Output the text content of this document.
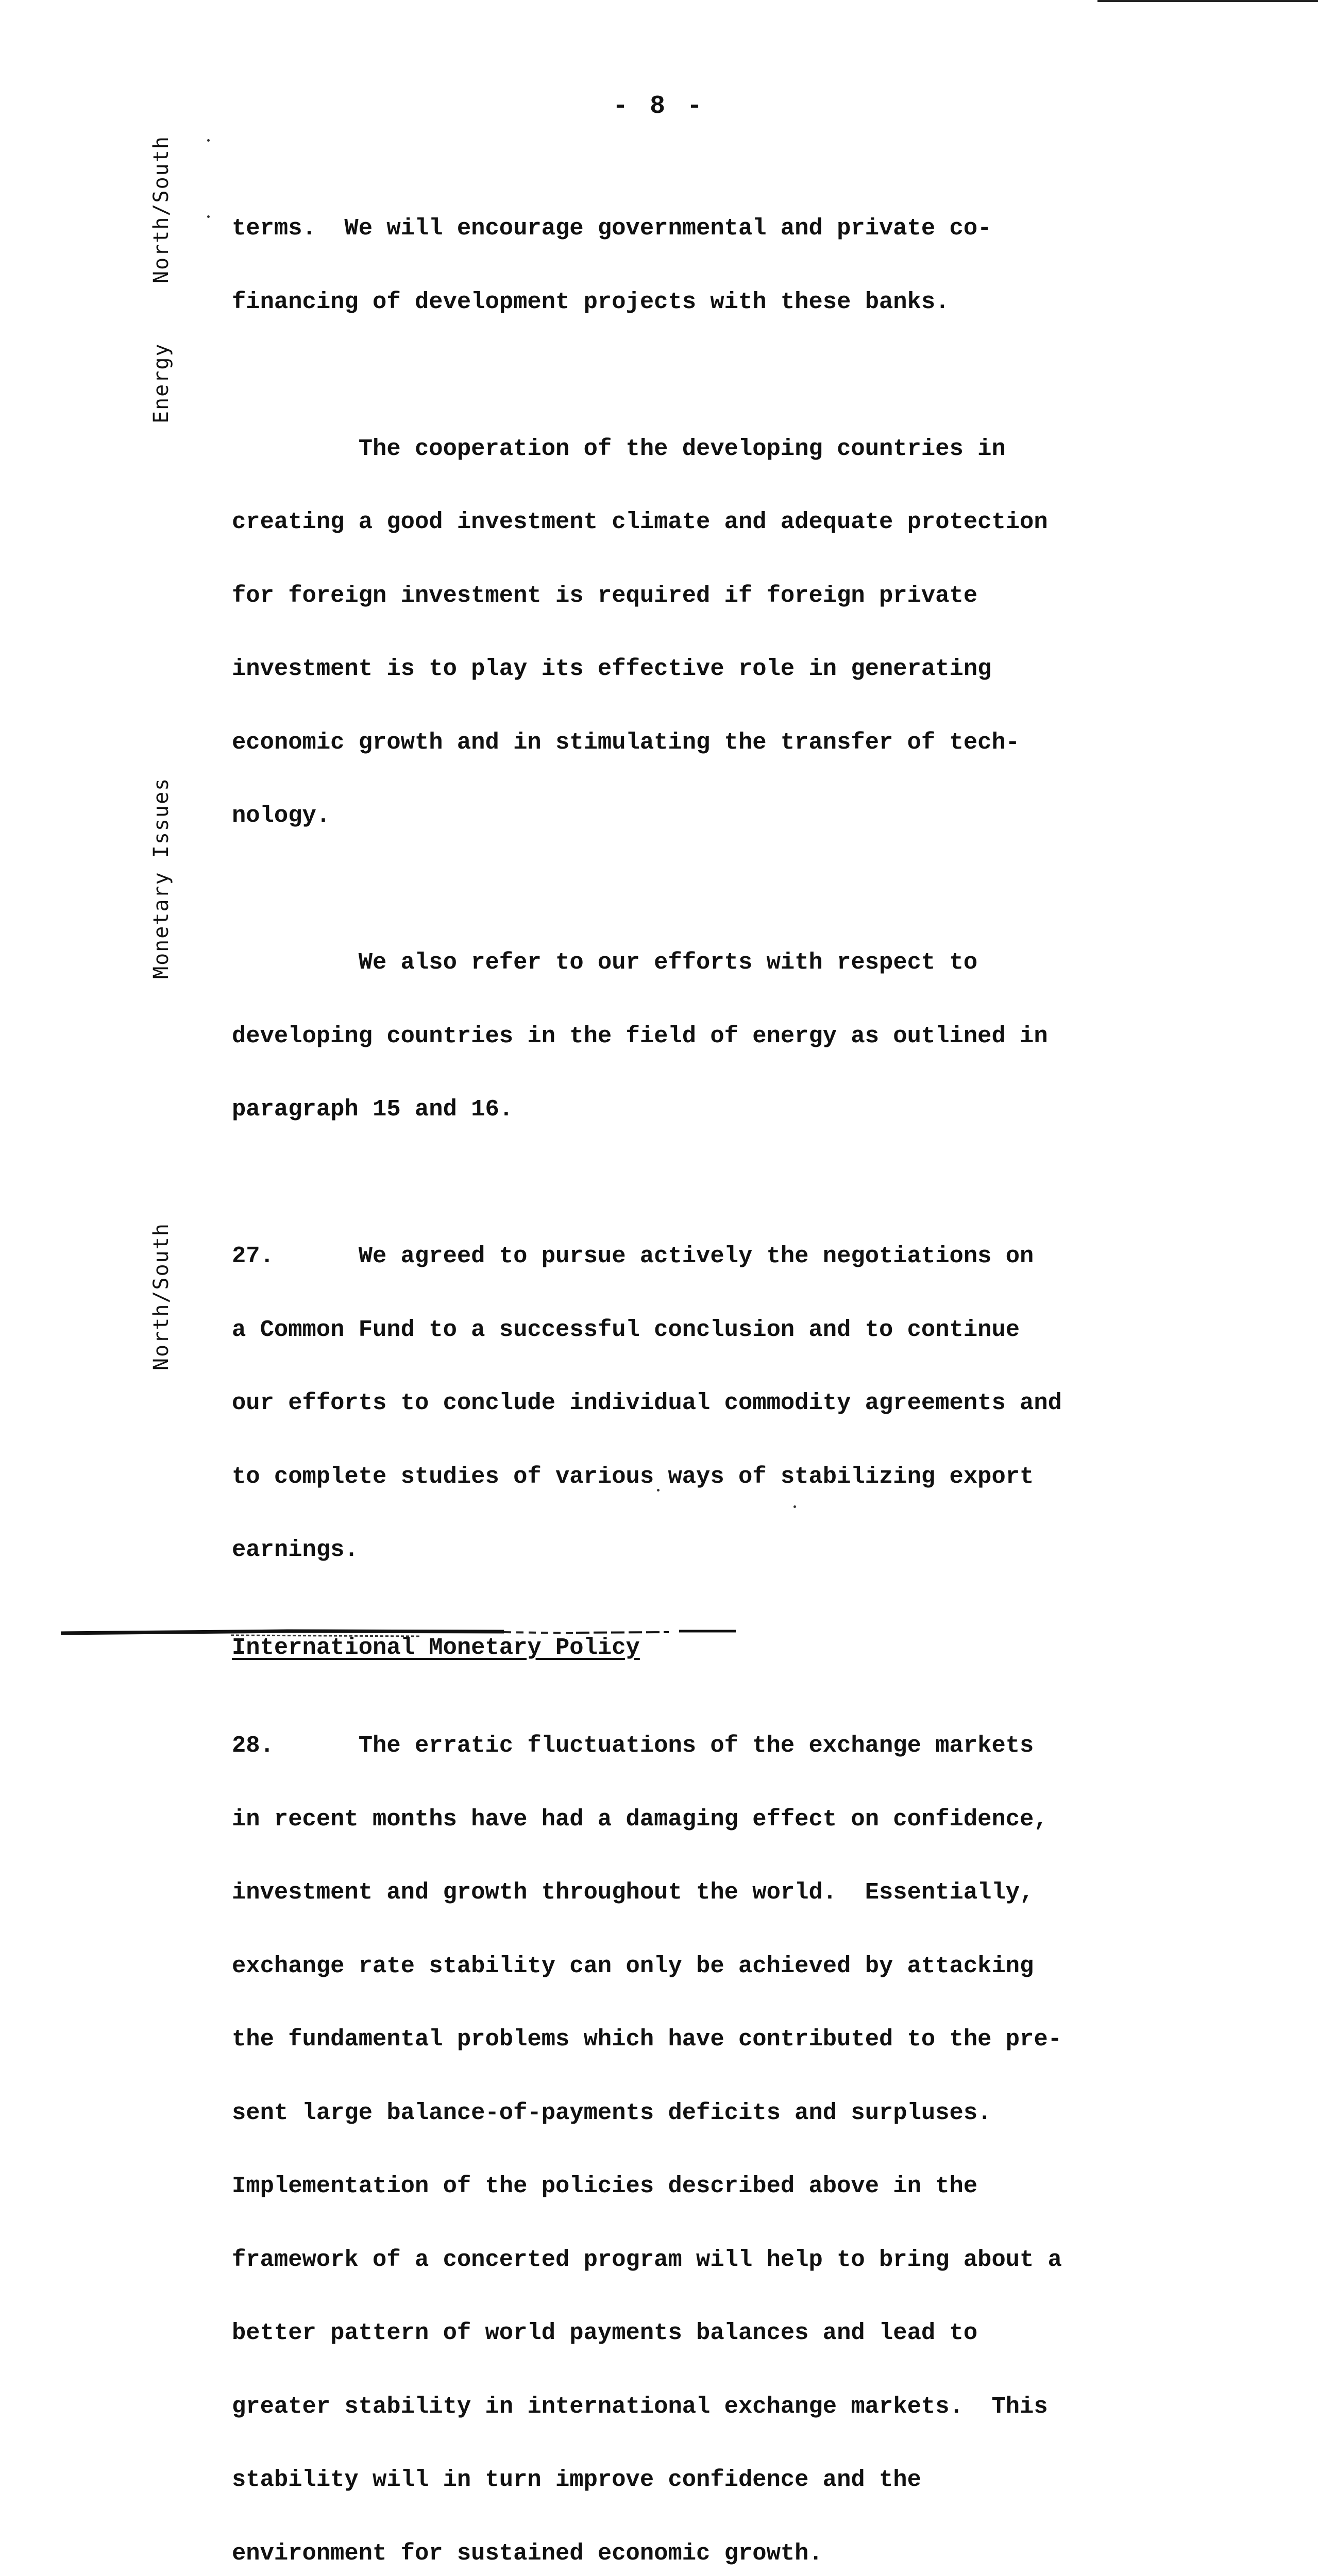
- 8 -
North/South
Energy
Monetary Issues
North/South

terms.  We will encourage governmental and private co-

financing of development projects with these banks.

The cooperation of the developing countries in

creating a good investment climate and adequate protection

for foreign investment is required if foreign private

investment is to play its effective role in generating

economic growth and in stimulating the transfer of tech-

nology.

We also refer to our efforts with respect to

developing countries in the field of energy as outlined in

paragraph 15 and 16.

27.      We agreed to pursue actively the negotiations on

a Common Fund to a successful conclusion and to continue

our efforts to conclude individual commodity agreements and

to complete studies of various ways of stabilizing export

earnings.

International Monetary Policy

28.      The erratic fluctuations of the exchange markets

in recent months have had a damaging effect on confidence,

investment and growth throughout the world.  Essentially,

exchange rate stability can only be achieved by attacking

the fundamental problems which have contributed to the pre-

sent large balance-of-payments deficits and surpluses.

Implementation of the policies described above in the

framework of a concerted program will help to bring about a

better pattern of world payments balances and lead to

greater stability in international exchange markets.  This

stability will in turn improve confidence and the

environment for sustained economic growth.
